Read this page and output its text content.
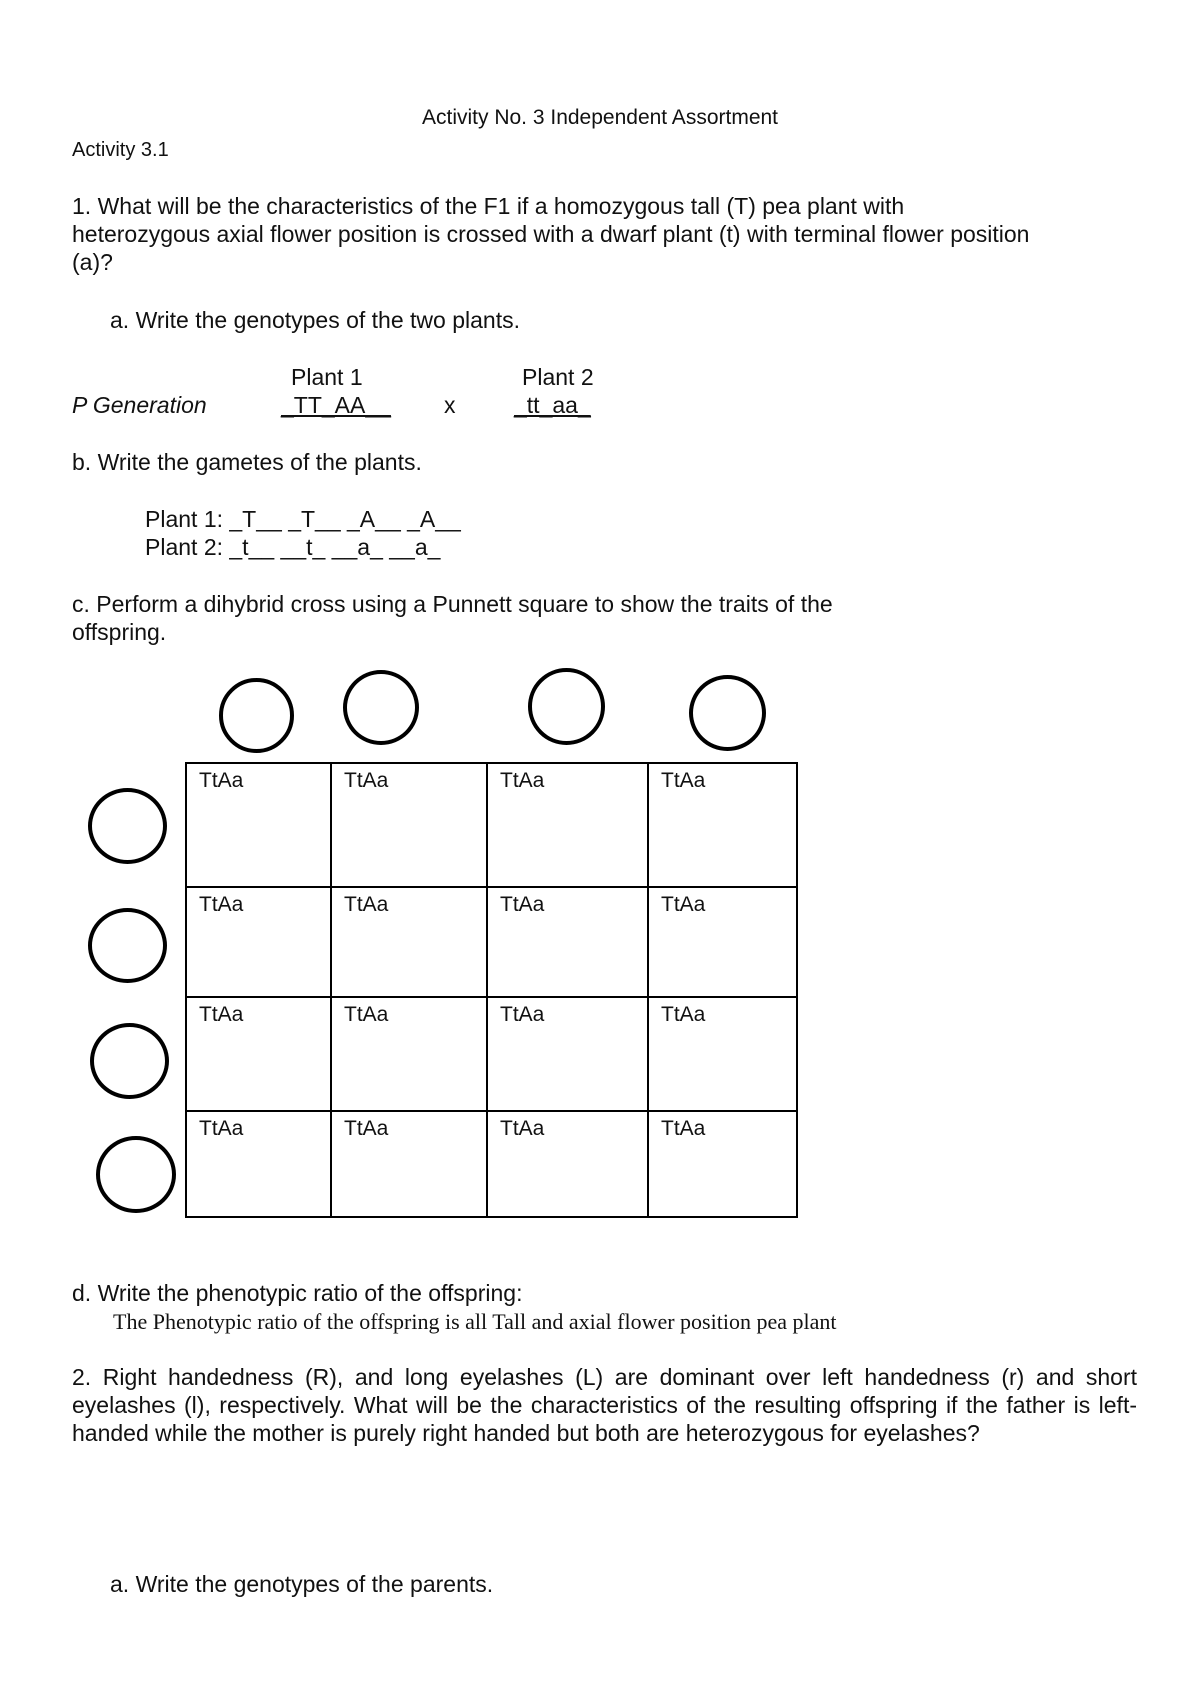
Activity No. 3 Independent Assortment
Activity 3.1
1. What will be the characteristics of the F1 if a homozygous tall (T) pea plant with
heterozygous axial flower position is crossed with a dwarf plant (t) with terminal flower position
(a)?
a. Write the genotypes of the two plants.
Plant 1	Plant 2
P Generation	_TT_AA__ x	_tt_aa_
b. Write the gametes of the plants.
Plant 1: _T__ _T__ _A__ _A__
Plant 2: _t__ __t_ __a_ __a_
c. Perform a dihybrid cross using a Punnett square to show the traits of the
offspring.
TtAa	TtAa	TtAa	TtAa
TtAa	TtAa	TtAa	TtAa
TtAa	TtAa	TtAa	TtAa
TtAa	TtAa	TtAa	TtAa
d. Write the phenotypic ratio of the offspring:
The Phenotypic ratio of the offspring is all Tall and axial flower position pea plant
2. Right handedness (R), and long eyelashes (L) are dominant over left handedness (r) and short eyelashes (l), respectively. What will be the characteristics of the resulting offspring if the father is left-handed while the mother is purely right handed but both are heterozygous for eyelashes?
a. Write the genotypes of the parents.
